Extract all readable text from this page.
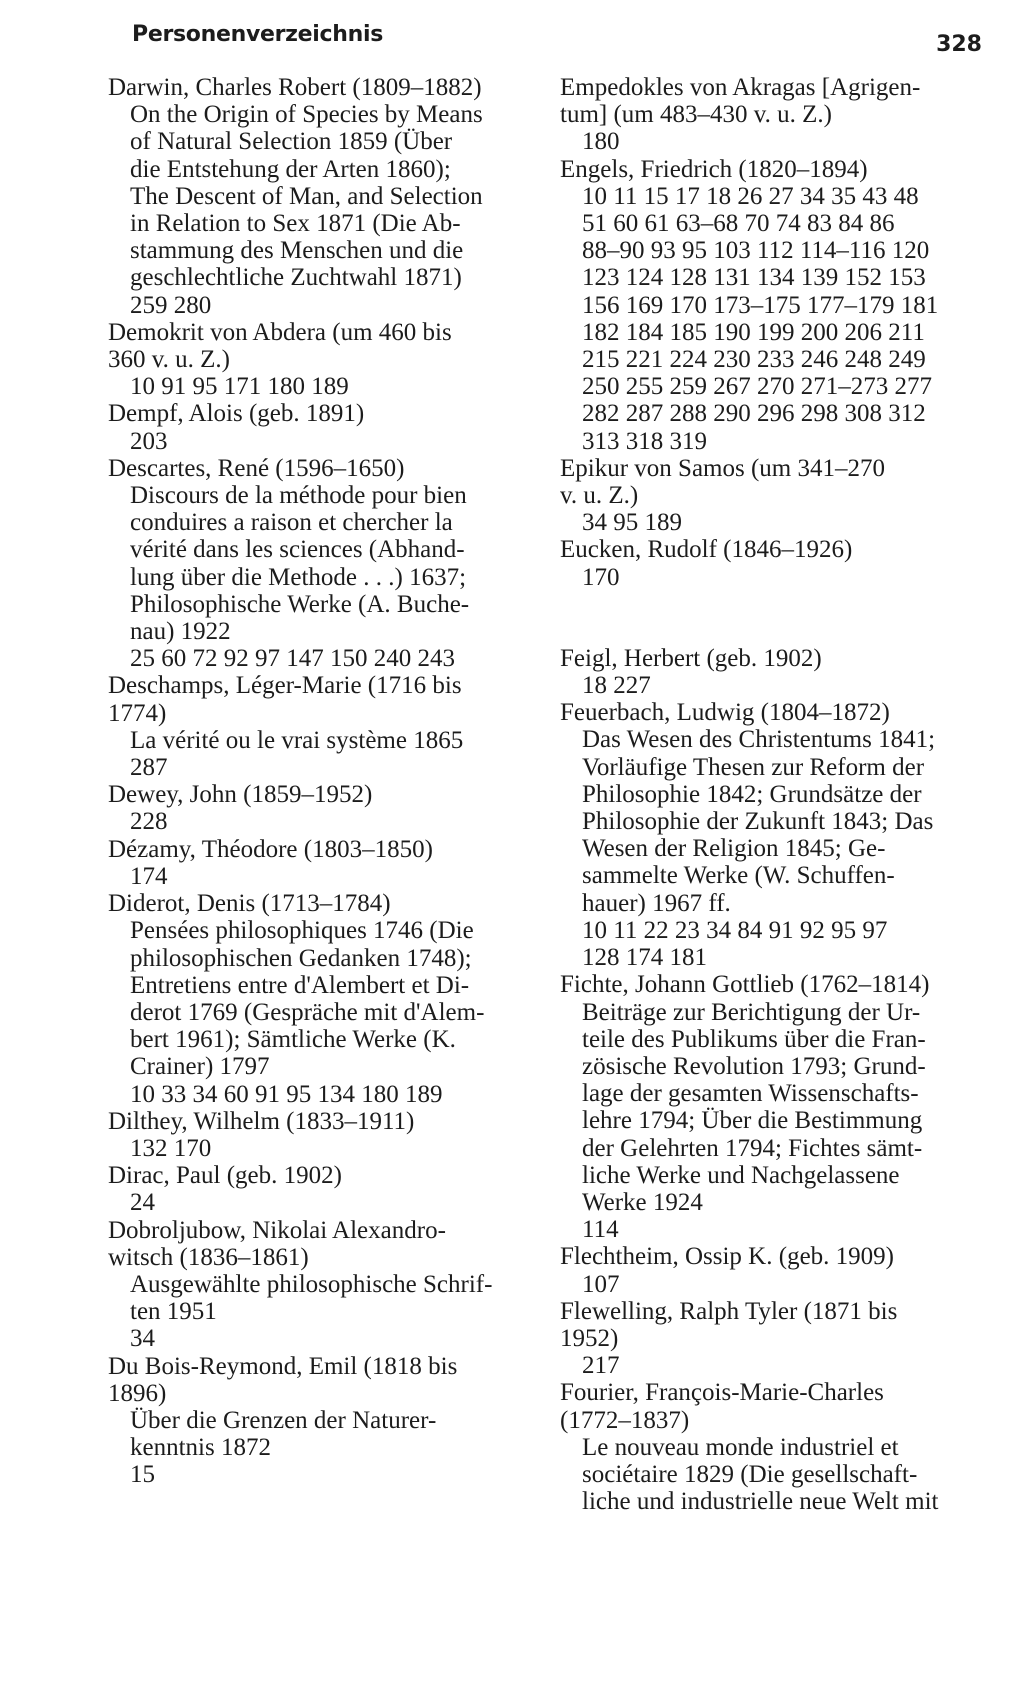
Personenverzeichnis	328
Darwin, Charles Robert (1809–1882)
On the Origin of Species by Means
of Natural Selection 1859 (Über
die Entstehung der Arten 1860);
The Descent of Man, and Selection
in Relation to Sex 1871 (Die Ab-
stammung des Menschen und die
geschlechtliche Zuchtwahl 1871)
259 280
Demokrit von Abdera (um 460 bis
360 v. u. Z.)
10 91 95 171 180 189
Dempf, Alois (geb. 1891)
203
Descartes, René (1596–1650)
Discours de la méthode pour bien
conduires a raison et chercher la
vérité dans les sciences (Abhand-
lung über die Methode . . .) 1637;
Philosophische Werke (A. Buche-
nau) 1922
25 60 72 92 97 147 150 240 243
Deschamps, Léger-Marie (1716 bis
1774)
La vérité ou le vrai système 1865
287
Dewey, John (1859–1952)
228
Dézamy, Théodore (1803–1850)
174
Diderot, Denis (1713–1784)
Pensées philosophiques 1746 (Die
philosophischen Gedanken 1748);
Entretiens entre d'Alembert et Di-
derot 1769 (Gespräche mit d'Alem-
bert 1961); Sämtliche Werke (K.
Crainer) 1797
10 33 34 60 91 95 134 180 189
Dilthey, Wilhelm (1833–1911)
132 170
Dirac, Paul (geb. 1902)
24
Dobroljubow, Nikolai Alexandro-
witsch (1836–1861)
Ausgewählte philosophische Schrif-
ten 1951
34
Du Bois-Reymond, Emil (1818 bis
1896)
Über die Grenzen der Naturer-
kenntnis 1872
15
Empedokles von Akragas [Agrigen-
tum] (um 483–430 v. u. Z.)
180
Engels, Friedrich (1820–1894)
10 11 15 17 18 26 27 34 35 43 48
51 60 61 63–68 70 74 83 84 86
88–90 93 95 103 112 114–116 120
123 124 128 131 134 139 152 153
156 169 170 173–175 177–179 181
182 184 185 190 199 200 206 211
215 221 224 230 233 246 248 249
250 255 259 267 270 271–273 277
282 287 288 290 296 298 308 312
313 318 319
Epikur von Samos (um 341–270
v. u. Z.)
34 95 189
Eucken, Rudolf (1846–1926)
170
Feigl, Herbert (geb. 1902)
18 227
Feuerbach, Ludwig (1804–1872)
Das Wesen des Christentums 1841;
Vorläufige Thesen zur Reform der
Philosophie 1842; Grundsätze der
Philosophie der Zukunft 1843; Das
Wesen der Religion 1845; Ge-
sammelte Werke (W. Schuffen-
hauer) 1967 ff.
10 11 22 23 34 84 91 92 95 97
128 174 181
Fichte, Johann Gottlieb (1762–1814)
Beiträge zur Berichtigung der Ur-
teile des Publikums über die Fran-
zösische Revolution 1793; Grund-
lage der gesamten Wissenschafts-
lehre 1794; Über die Bestimmung
der Gelehrten 1794; Fichtes sämt-
liche Werke und Nachgelassene
Werke 1924
114
Flechtheim, Ossip K. (geb. 1909)
107
Flewelling, Ralph Tyler (1871 bis
1952)
217
Fourier, François-Marie-Charles
(1772–1837)
Le nouveau monde industriel et
sociétaire 1829 (Die gesellschaft-
liche und industrielle neue Welt mit
